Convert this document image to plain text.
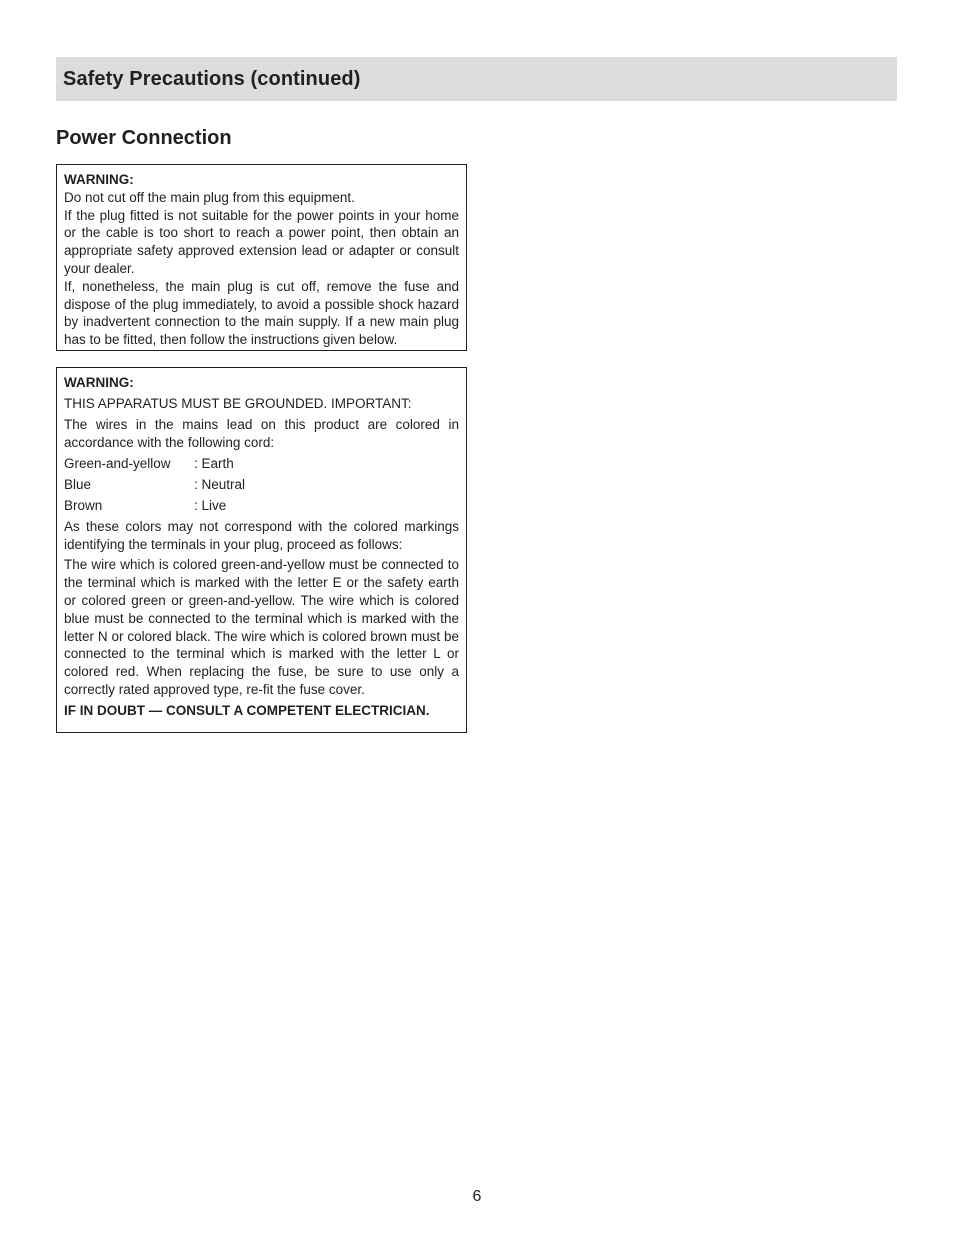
Safety Precautions (continued)
Power Connection
WARNING:
Do not cut off the main plug from this equipment.
If the plug fitted is not suitable for the power points in your home or the cable is too short to reach a power point, then obtain an appropriate safety approved extension lead or adapter or consult your dealer.
If, nonetheless, the main plug is cut off, remove the fuse and dispose of the plug immediately, to avoid a possible shock hazard by inadvertent connection to the main supply. If a new main plug has to be fitted, then follow the instructions given below.
WARNING:
THIS APPARATUS MUST BE GROUNDED. IMPORTANT:
The wires in the mains lead on this product are colored in accordance with the following cord:
Green-and-yellow	: Earth
Blue	: Neutral
Brown	: Live
As these colors may not correspond with the colored markings identifying the terminals in your plug, proceed as follows:
The wire which is colored green-and-yellow must be connected to the terminal which is marked with the letter E or the safety earth or colored green or green-and-yellow. The wire which is colored blue must be connected to the terminal which is marked with the letter N or colored black. The wire which is colored brown must be connected to the terminal which is marked with the letter L or colored red. When replacing the fuse, be sure to use only a correctly rated approved type, re-fit the fuse cover.
IF IN DOUBT — CONSULT A COMPETENT ELECTRICIAN.
6
